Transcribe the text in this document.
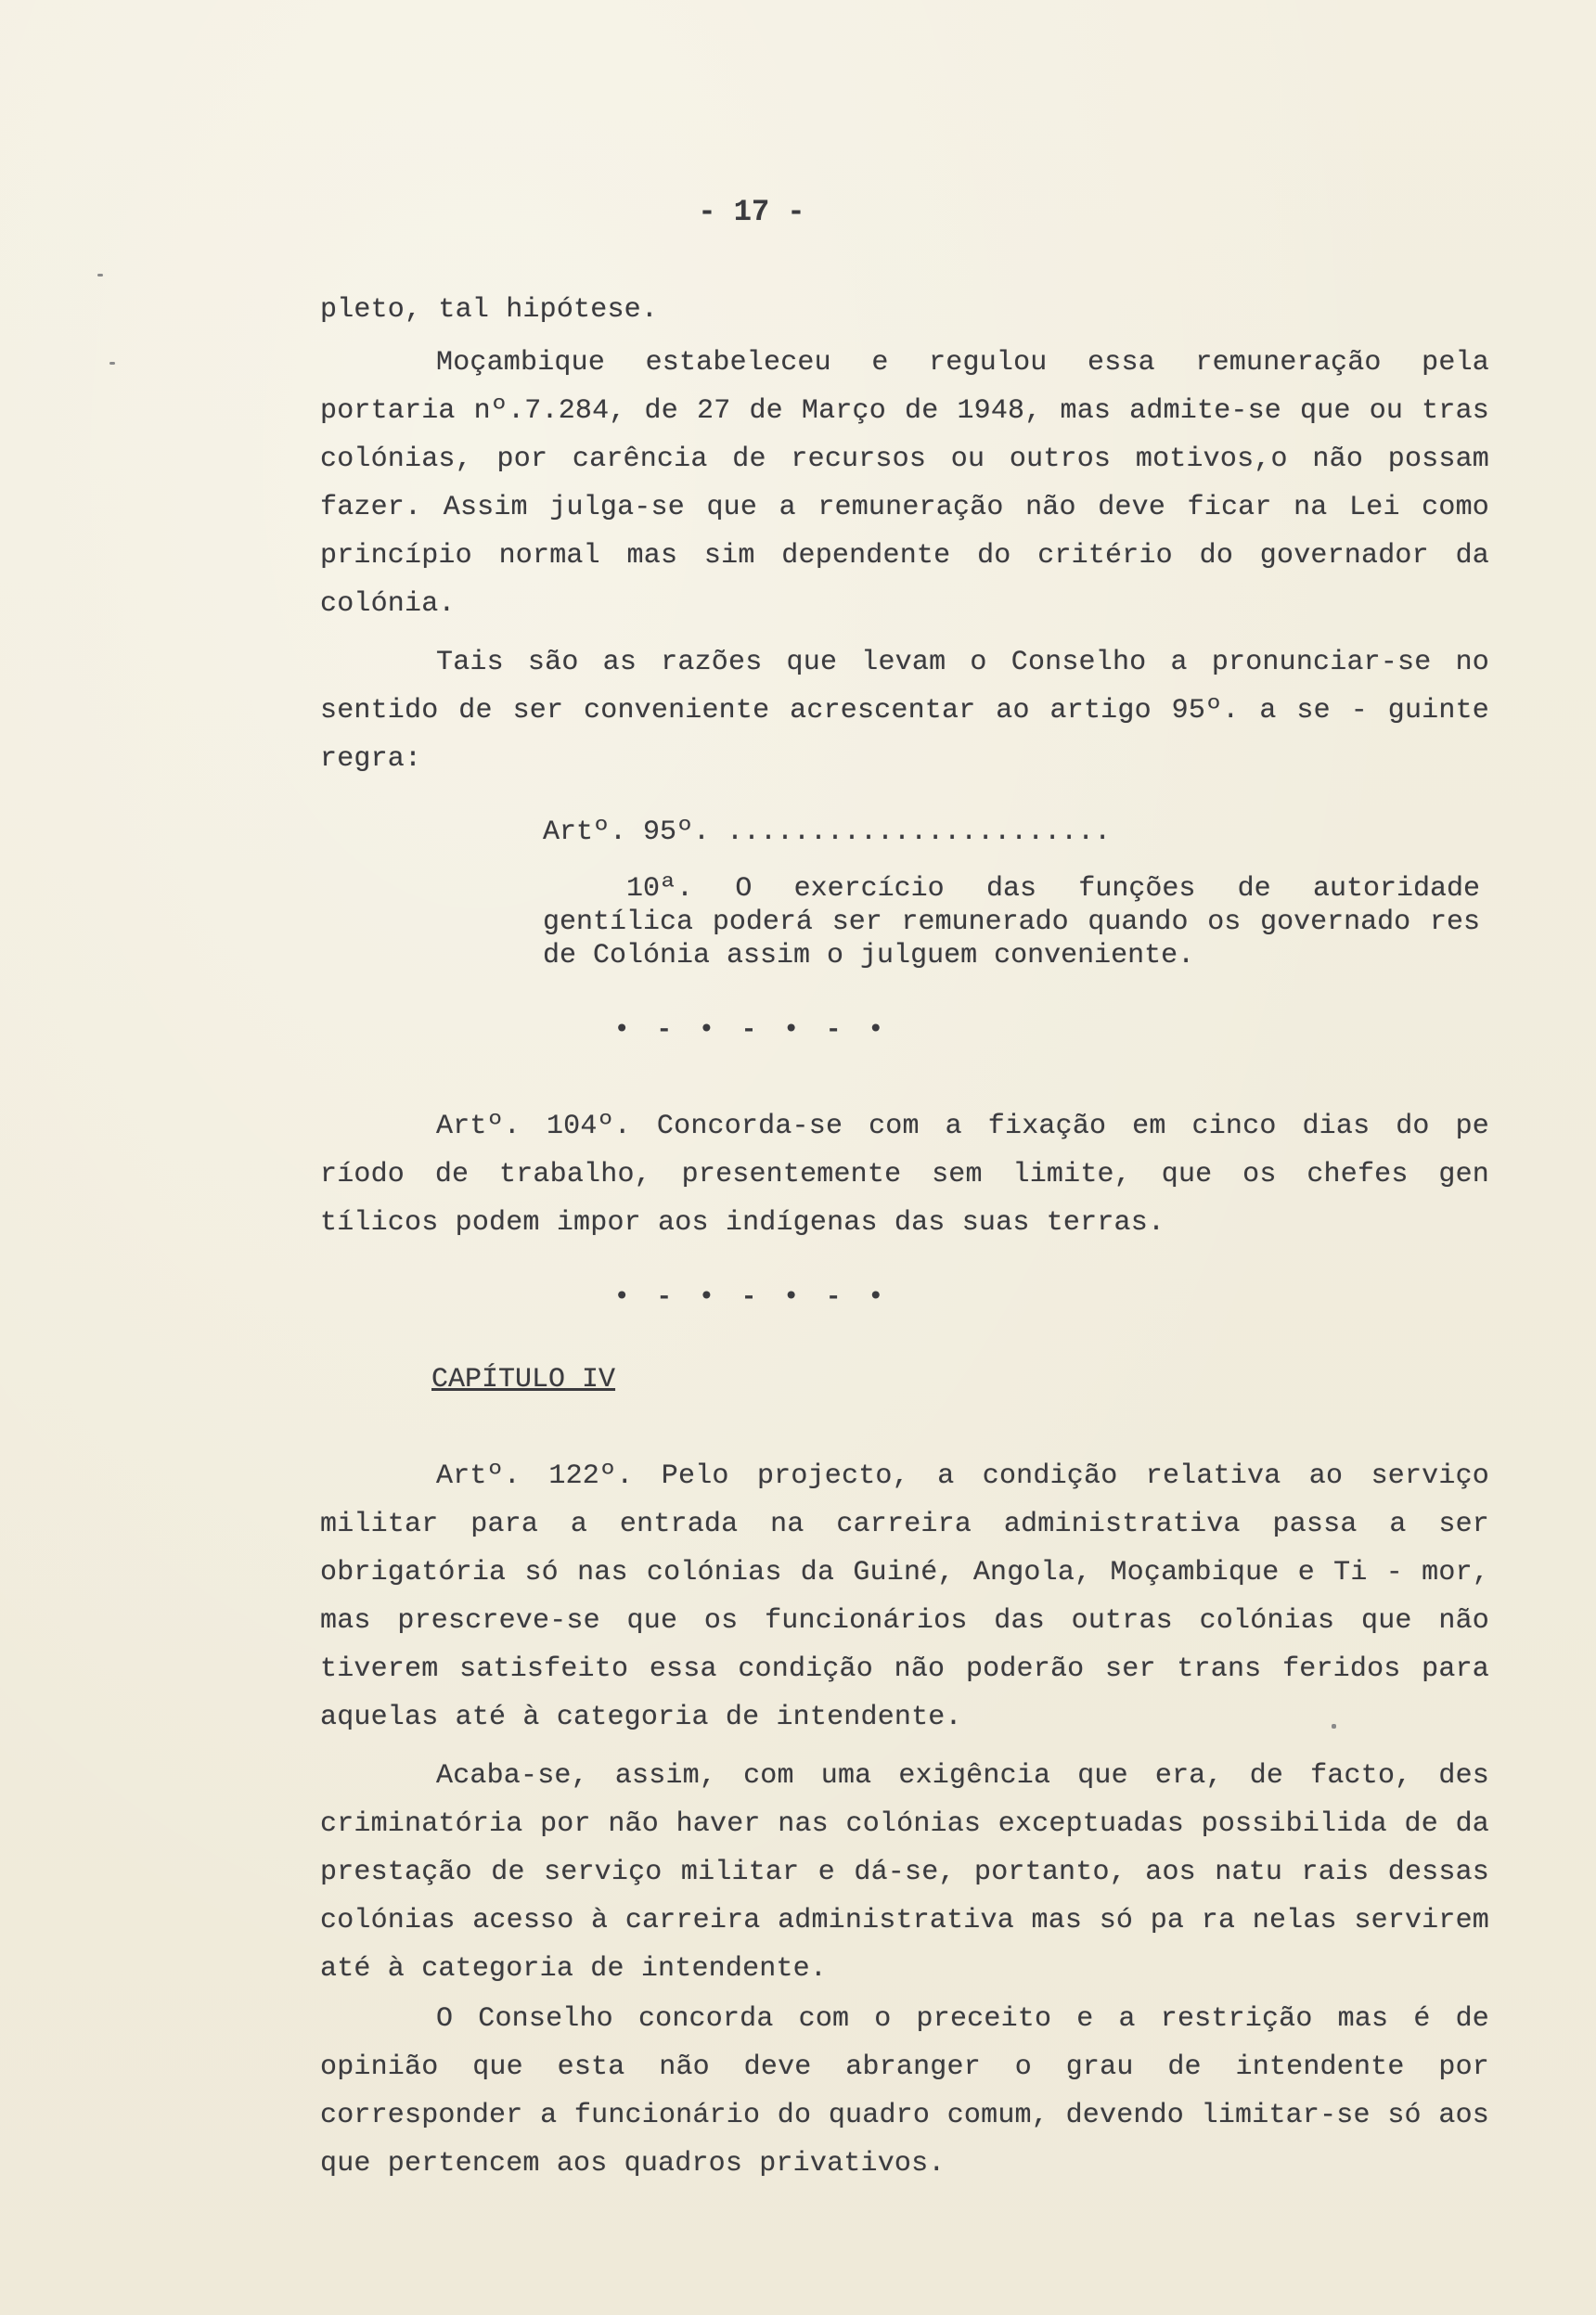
- 17 -

pleto, tal hipótese.

Moçambique estabeleceu e regulou essa remuneração pela portaria nº.7.284, de 27 de Março de 1948, mas admite-se que ou tras colónias, por carência de recursos ou outros motivos,o não possam fazer. Assim julga-se que a remuneração não deve ficar na Lei como princípio normal mas sim dependente do critério do governador da colónia.

Tais são as razões que levam o Conselho a pronunciar-se no sentido de ser conveniente acrescentar ao artigo 95º. a se - guinte regra:

Artº. 95º. .......................

10ª. O exercício das funções de autoridade gentílica poderá ser remunerado quando os governado res de Colónia assim o julguem conveniente.

• - • - • - •

Artº. 104º. Concorda-se com a fixação em cinco dias do pe ríodo de trabalho, presentemente sem limite, que os chefes gen tílicos podem impor aos indígenas das suas terras.

• - • - • - •
CAPÍTULO IV

Artº. 122º. Pelo projecto, a condição relativa ao serviço militar para a entrada na carreira administrativa passa a ser obrigatória só nas colónias da Guiné, Angola, Moçambique e Ti - mor, mas prescreve-se que os funcionários das outras colónias que não tiverem satisfeito essa condição não poderão ser trans feridos para aquelas até à categoria de intendente.

Acaba-se, assim, com uma exigência que era, de facto, des criminatória por não haver nas colónias exceptuadas possibilida de da prestação de serviço militar e dá-se, portanto, aos natu rais dessas colónias acesso à carreira administrativa mas só pa ra nelas servirem até à categoria de intendente.

O Conselho concorda com o preceito e a restrição mas é de opinião que esta não deve abranger o grau de intendente por corresponder a funcionário do quadro comum, devendo limitar-se só aos que pertencem aos quadros privativos.
